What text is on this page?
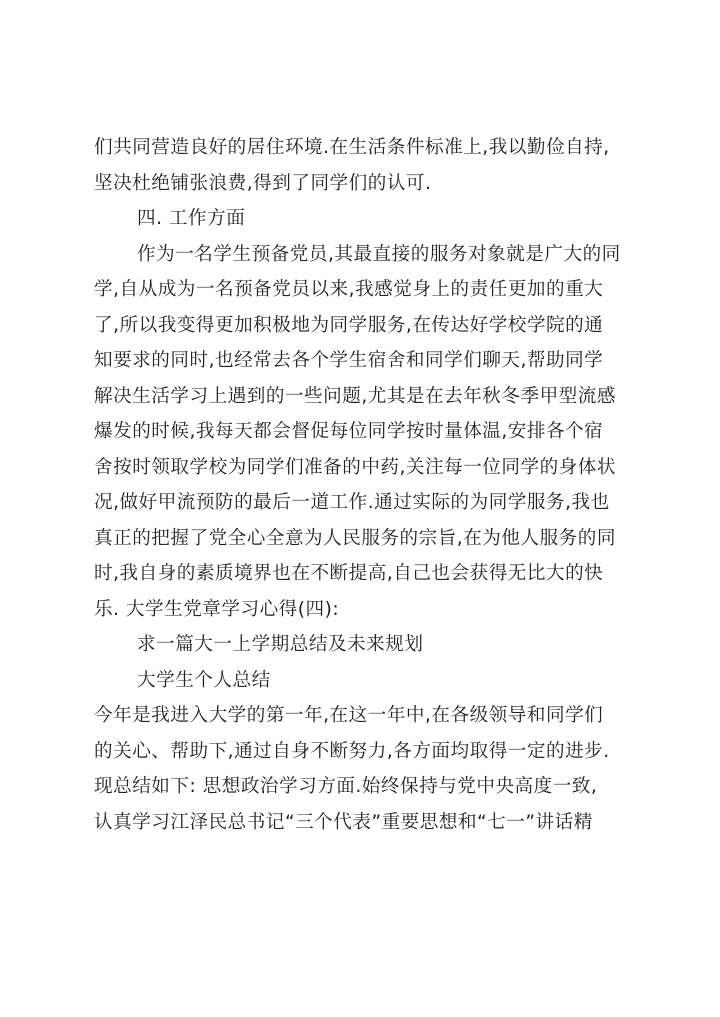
们共同营造良好的居住环境.在生活条件标准上,我以勤俭自持,
坚决杜绝铺张浪费,得到了同学们的认可.
四. 工作方面
作为一名学生预备党员,其最直接的服务对象就是广大的同
学,自从成为一名预备党员以来,我感觉身上的责任更加的重大
了,所以我变得更加积极地为同学服务,在传达好学校学院的通
知要求的同时,也经常去各个学生宿舍和同学们聊天,帮助同学
解决生活学习上遇到的一些问题,尤其是在去年秋冬季甲型流感
爆发的时候,我每天都会督促每位同学按时量体温,安排各个宿
舍按时领取学校为同学们准备的中药,关注每一位同学的身体状
况,做好甲流预防的最后一道工作.通过实际的为同学服务,我也
真正的把握了党全心全意为人民服务的宗旨,在为他人服务的同
时,我自身的素质境界也在不断提高,自己也会获得无比大的快
乐. 大学生党章学习心得(四):
求一篇大一上学期总结及未来规划
大学生个人总结
今年是我进入大学的第一年,在这一年中,在各级领导和同学们
的关心、帮助下,通过自身不断努力,各方面均取得一定的进步.
现总结如下: 思想政治学习方面.始终保持与党中央高度一致,
认真学习江泽民总书记“三个代表”重要思想和“七一”讲话精
